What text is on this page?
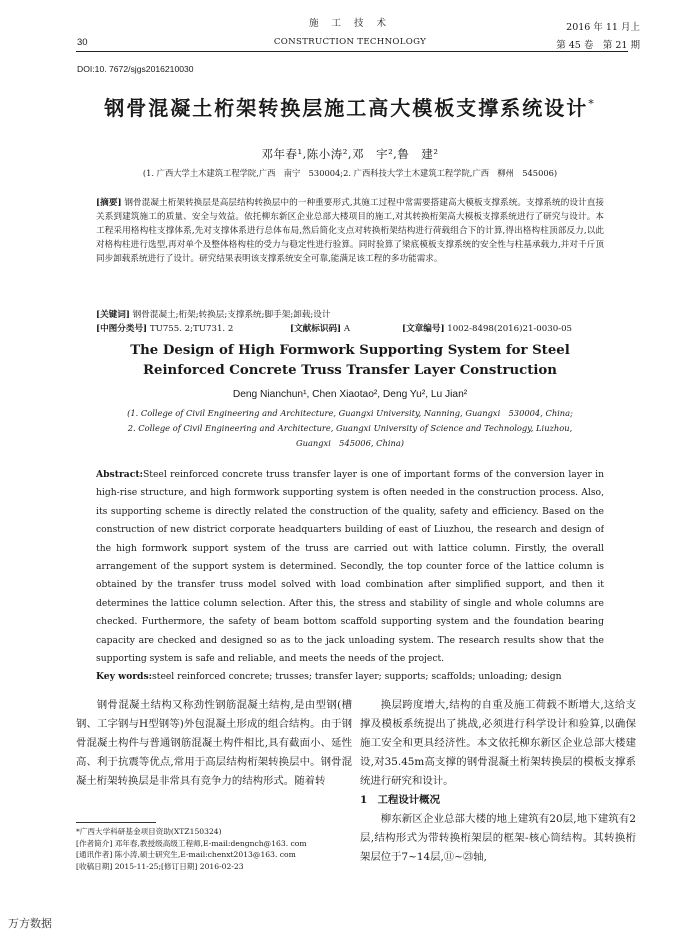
施 工 技 术
30	CONSTRUCTION TECHNOLOGY
2016 年 11 月上
第 45 卷　第 21 期
DOI:10. 7672/sjgs2016210030
钢骨混凝土桁架转换层施工高大模板支撑系统设计*
邓年春¹,陈小涛²,邓　宇²,鲁　建²
(1. 广西大学土木建筑工程学院,广西　南宁　530004;2. 广西科技大学土木建筑工程学院,广西　柳州　545006)
[摘要] 钢骨混凝土桁架转换层是高层结构转换层中的一种重要形式,其施工过程中常需要搭建高大模板支撑系统。支撑系统的设计直接关系到建筑施工的质量、安全与效益。依托柳东新区企业总部大楼项目的施工,对其转换桁架高大模板支撑系统进行了研究与设计。本工程采用格构柱支撑体系,先对支撑体系进行总体布局,然后简化支点对转换桁架结构进行荷载组合下的计算,得出格构柱顶部反力,以此对格构柱进行选型,再对单个及整体格构柱的受力与稳定性进行验算。同时验算了梁底模板支撑系统的安全性与柱基承载力,并对千斤顶同步卸载系统进行了设计。研究结果表明该支撑系统安全可靠,能满足该工程的多功能需求。
[关键词] 钢骨混凝土;桁架;转换层;支撑系统;脚手架;卸载;设计
[中图分类号] TU755. 2;TU731. 2	[文献标识码] A	[文章编号] 1002-8498(2016)21-0030-05
The Design of High Formwork Supporting System for Steel Reinforced Concrete Truss Transfer Layer Construction
Deng Nianchun¹, Chen Xiaotao², Deng Yu², Lu Jian²
(1. College of Civil Engineering and Architecture, Guangxi University, Nanning, Guangxi　530004, China;
2. College of Civil Engineering and Architecture, Guangxi University of Science and Technology, Liuzhou,
Guangxi　545006, China)
Abstract:Steel reinforced concrete truss transfer layer is one of important forms of the conversion layer in high-rise structure, and high formwork supporting system is often needed in the construction process. Also, its supporting scheme is directly related the construction of the quality, safety and efficiency. Based on the construction of new district corporate headquarters building of east of Liuzhou, the research and design of the high formwork support system of the truss are carried out with lattice column. Firstly, the overall arrangement of the support system is determined. Secondly, the top counter force of the lattice column is obtained by the transfer truss model solved with load combination after simplified support, and then it determines the lattice column selection. After this, the stress and stability of single and whole columns are checked. Furthermore, the safety of beam bottom scaffold supporting system and the foundation bearing capacity are checked and designed so as to the jack unloading system. The research results show that the supporting system is safe and reliable, and meets the needs of the project.
Key words:steel reinforced concrete; trusses; transfer layer; supports; scaffolds; unloading; design

钢骨混凝土结构又称劲性钢筋混凝土结构,是由型钢(槽钢、工字钢与H型钢等)外包混凝土形成的组合结构。由于钢骨混凝土构件与普通钢筋混凝土构件相比,具有截面小、延性高、利于抗震等优点,常用于高层结构桁架转换层中。钢骨混凝土桁架转换层是非常具有竞争力的结构形式。随着转

换层跨度增大,结构的自重及施工荷载不断增大,这给支撑及模板系统提出了挑战,必须进行科学设计和验算,以确保施工安全和更具经济性。本文依托柳东新区企业总部大楼建设,对35.45m高支撑的钢骨混凝土桁架转换层的模板支撑系统进行研究和设计。

1　工程设计概况

柳东新区企业总部大楼的地上建筑有20层,地下建筑有2层,结构形式为带转换桁架层的框架-核心筒结构。其转换桁架层位于7~14层,⑪~㉓轴,

*广西大学科研基金项目资助(XTZ150324)
[作者简介] 邓年春,教授级高级工程师,E-mail:dengnch@163. com
[通讯作者] 陈小涛,硕士研究生,E-mail:chenxt2013@163. com
[收稿日期] 2015-11-25;[修订日期] 2016-02-23
万方数据
